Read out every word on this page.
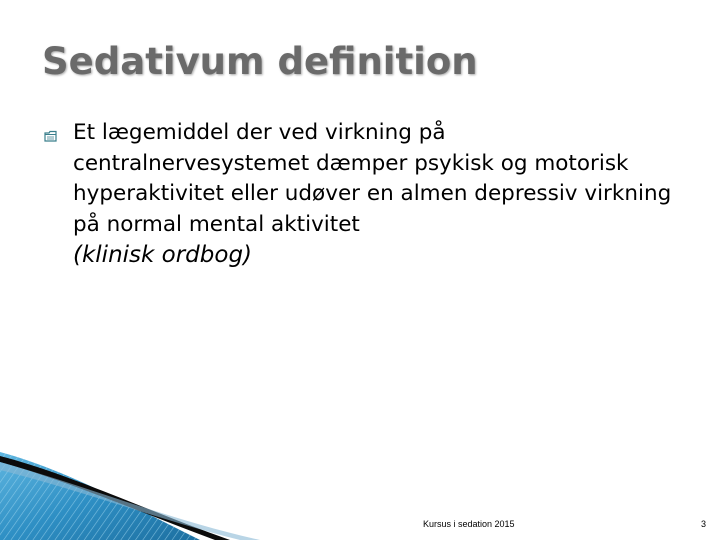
Sedativum definition

Et lægemiddel der ved virkning på centralnervesystemet dæmper psykisk og motorisk hyperaktivitet eller udøver en almen depressiv virkning på normal mental aktivitet

(klinisk ordbog)
Kursus i sedation 2015	3
